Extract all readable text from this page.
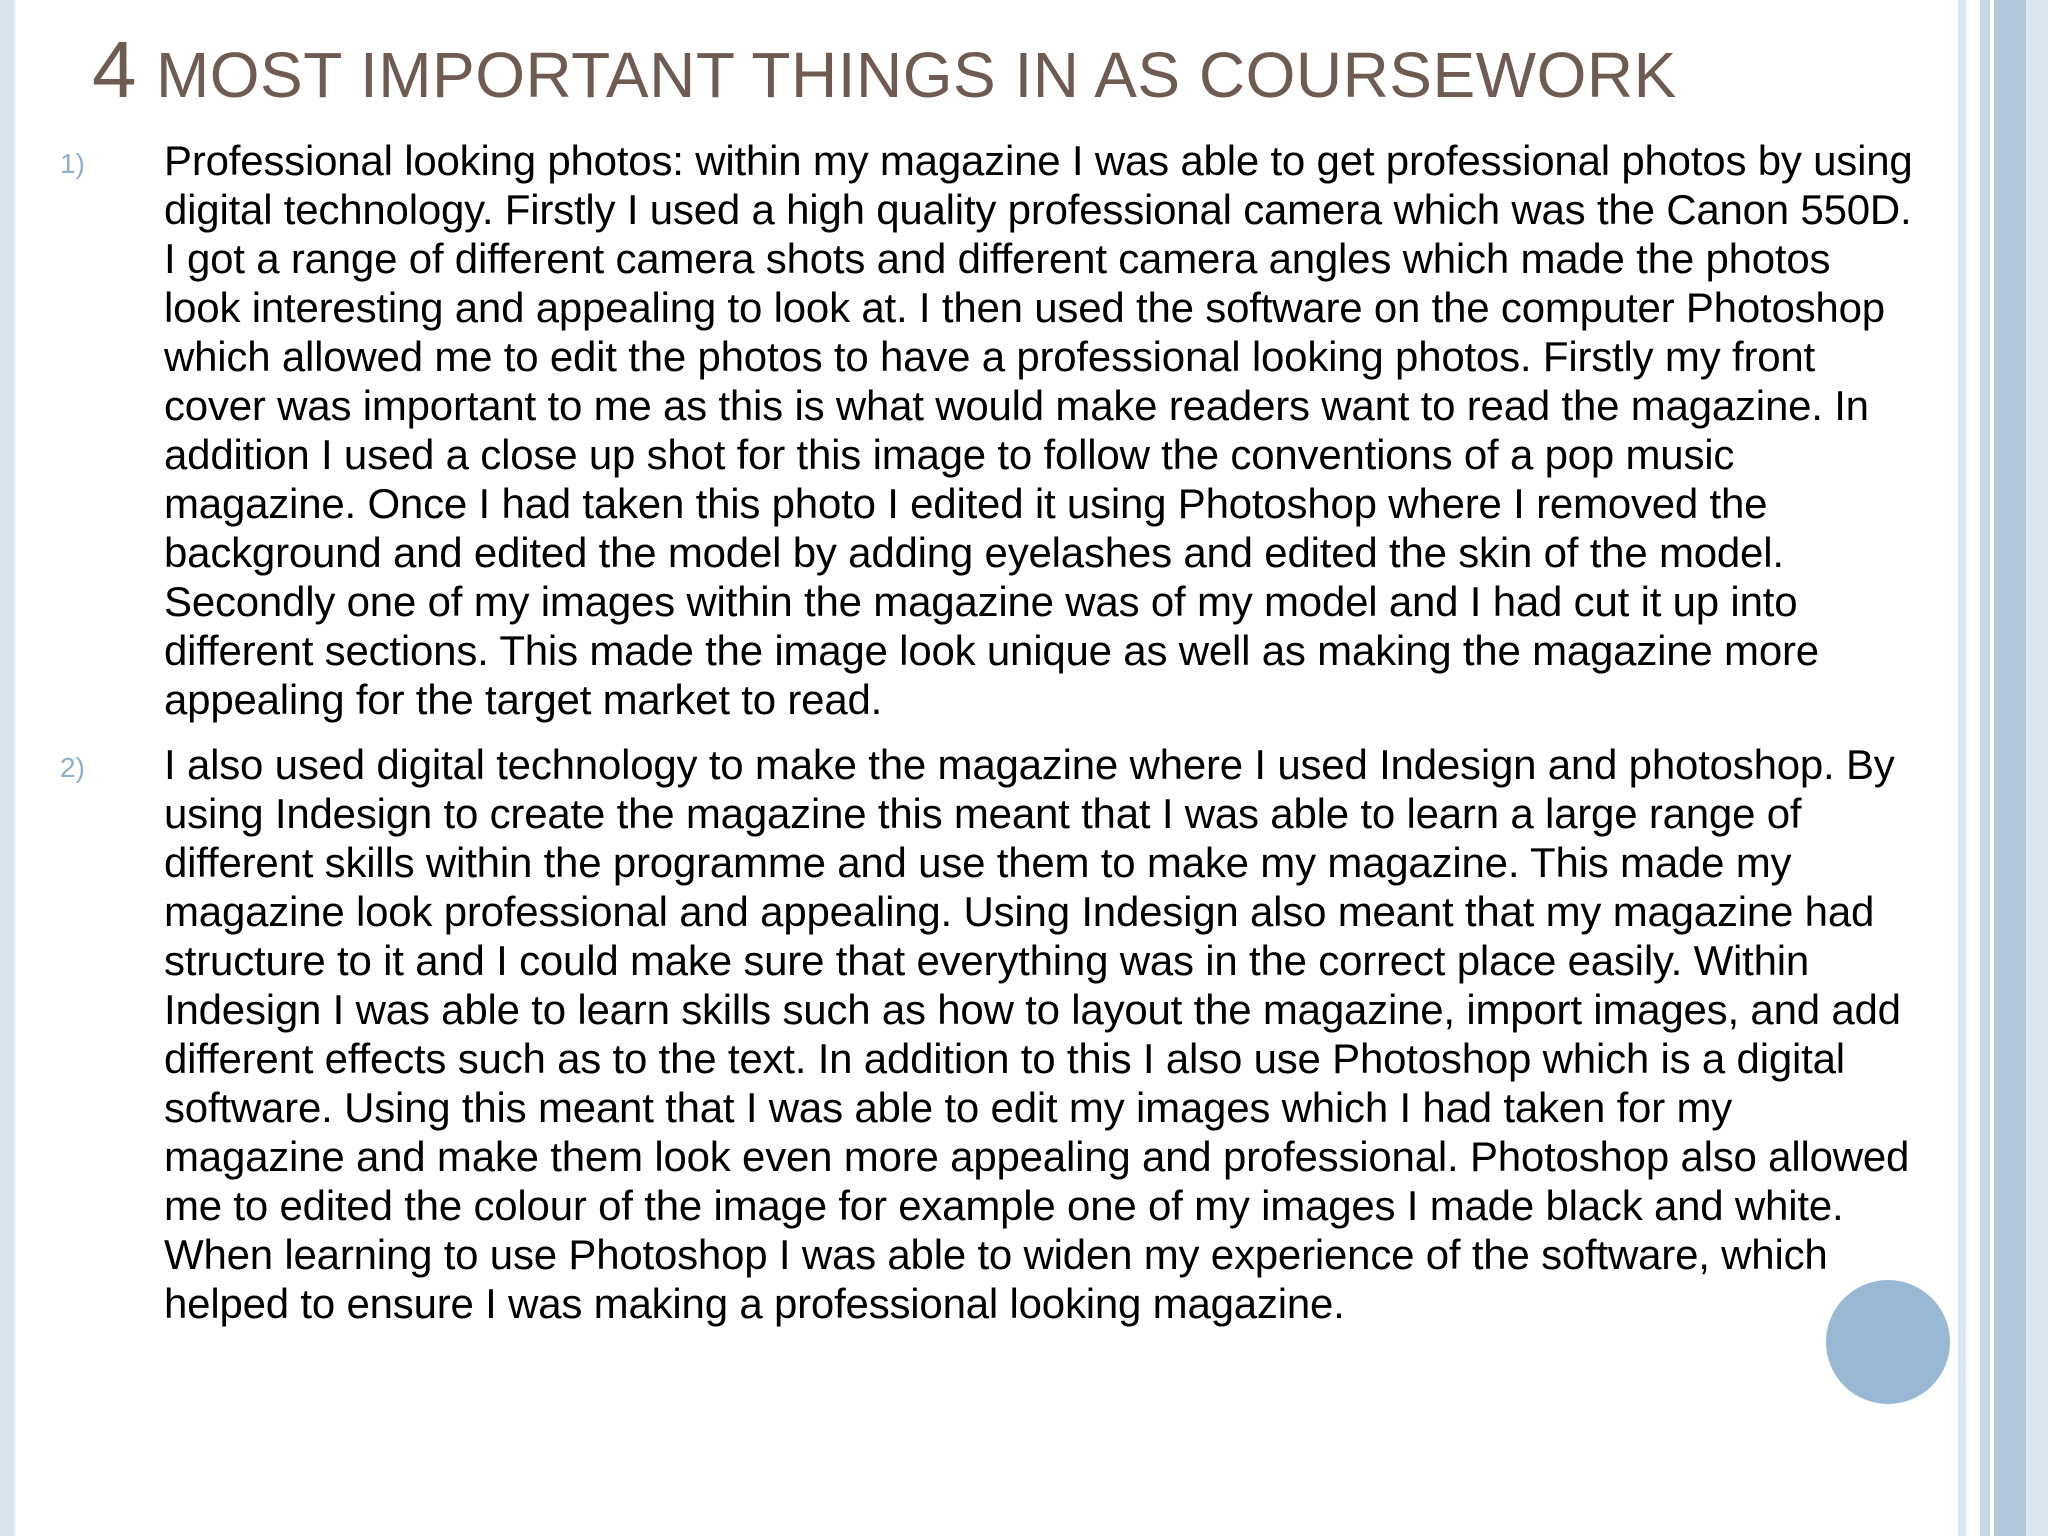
4 MOST IMPORTANT THINGS IN AS COURSEWORK
1) Professional looking photos: within my magazine I was able to get professional photos by using digital technology. Firstly I used a high quality professional camera which was the Canon 550D. I got a range of different camera shots and different camera angles which made the photos look interesting and appealing to look at. I then used the software on the computer Photoshop which allowed me to edit the photos to have a professional looking photos. Firstly my front cover was important to me as this is what would make readers want to read the magazine. In addition I used a close up shot for this image to follow the conventions of a pop music magazine. Once I had taken this photo I edited it using Photoshop where I removed the background and edited the model by adding eyelashes and edited the skin of the model. Secondly one of my images within the magazine was of my model and I had cut it up into different sections. This made the image look unique as well as making the magazine more appealing for the target market to read.
2) I also used digital technology to make the magazine where I used Indesign and photoshop. By using Indesign to create the magazine this meant that I was able to learn a large range of different skills within the programme and use them to make my magazine. This made my magazine look professional and appealing. Using Indesign also meant that my magazine had structure to it and I could make sure that everything was in the correct place easily. Within Indesign I was able to learn skills such as how to layout the magazine, import images, and add different effects such as to the text. In addition to this I also use Photoshop which is a digital software. Using this meant that I was able to edit my images which I had taken for my magazine and make them look even more appealing and professional. Photoshop also allowed me to edited the colour of the image for example one of my images I made black and white. When learning to use Photoshop I was able to widen my experience of the software, which helped to ensure I was making a professional looking magazine.
